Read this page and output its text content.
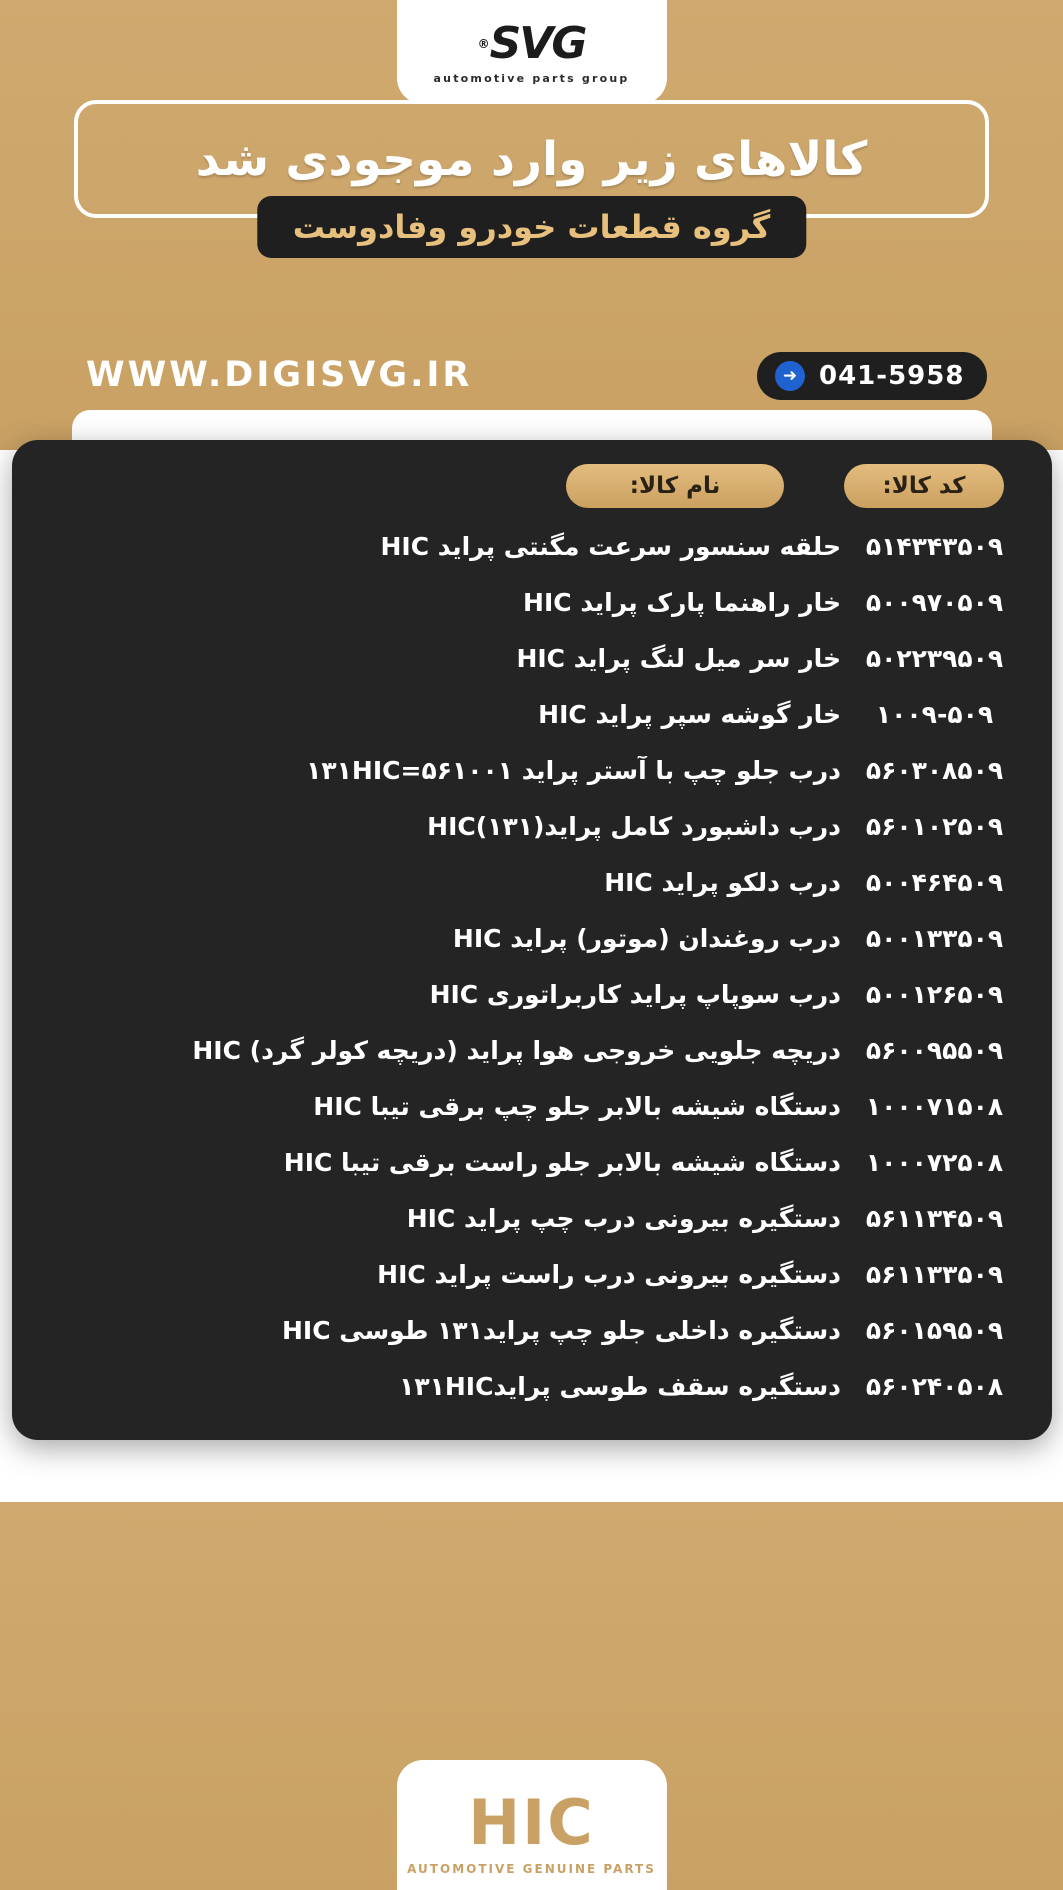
SVG
®
automotive parts group
کالاهای زیر وارد موجودی شد
گروه قطعات خودرو وفادوست
WWW.DIGISVG.IR	➜ 041-5958
کد کالا:
نام کالا:
۵۱۴۳۴۳۵۰۹
حلقه سنسور سرعت مگنتی پراید HIC
۵۰۰۹۷۰۵۰۹
خار راهنما پارک پراید HIC
۵۰۲۲۳۹۵۰۹
خار سر میل لنگ پراید HIC
۱۰۰۹-۵۰۹
خار گوشه سپر پراید HIC
۵۶۰۳۰۸۵۰۹
درب جلو چپ با آستر پراید ۵۶۱۰۰۱=۱۳۱HIC
۵۶۰۱۰۲۵۰۹
درب داشبورد کامل پراید(۱۳۱)HIC
۵۰۰۴۶۴۵۰۹
درب دلکو پراید HIC
۵۰۰۱۳۳۵۰۹
درب روغندان (موتور) پراید HIC
۵۰۰۱۲۶۵۰۹
درب سوپاپ پراید کاربراتوری HIC
۵۶۰۰۹۵۵۰۹
دریچه جلویی خروجی هوا پراید (دریچه کولر گرد) HIC
۱۰۰۰۷۱۵۰۸
دستگاه شیشه بالابر جلو چپ برقی تیبا HIC
۱۰۰۰۷۲۵۰۸
دستگاه شیشه بالابر جلو راست برقی تیبا HIC
۵۶۱۱۳۴۵۰۹
دستگیره بیرونی درب چپ پراید HIC
۵۶۱۱۳۳۵۰۹
دستگیره بیرونی درب راست پراید HIC
۵۶۰۱۵۹۵۰۹
دستگیره داخلی جلو چپ پراید۱۳۱ طوسی HIC
۵۶۰۲۴۰۵۰۸
دستگیره سقف طوسی پراید۱۳۱HIC
HIC
AUTOMOTIVE GENUINE PARTS
